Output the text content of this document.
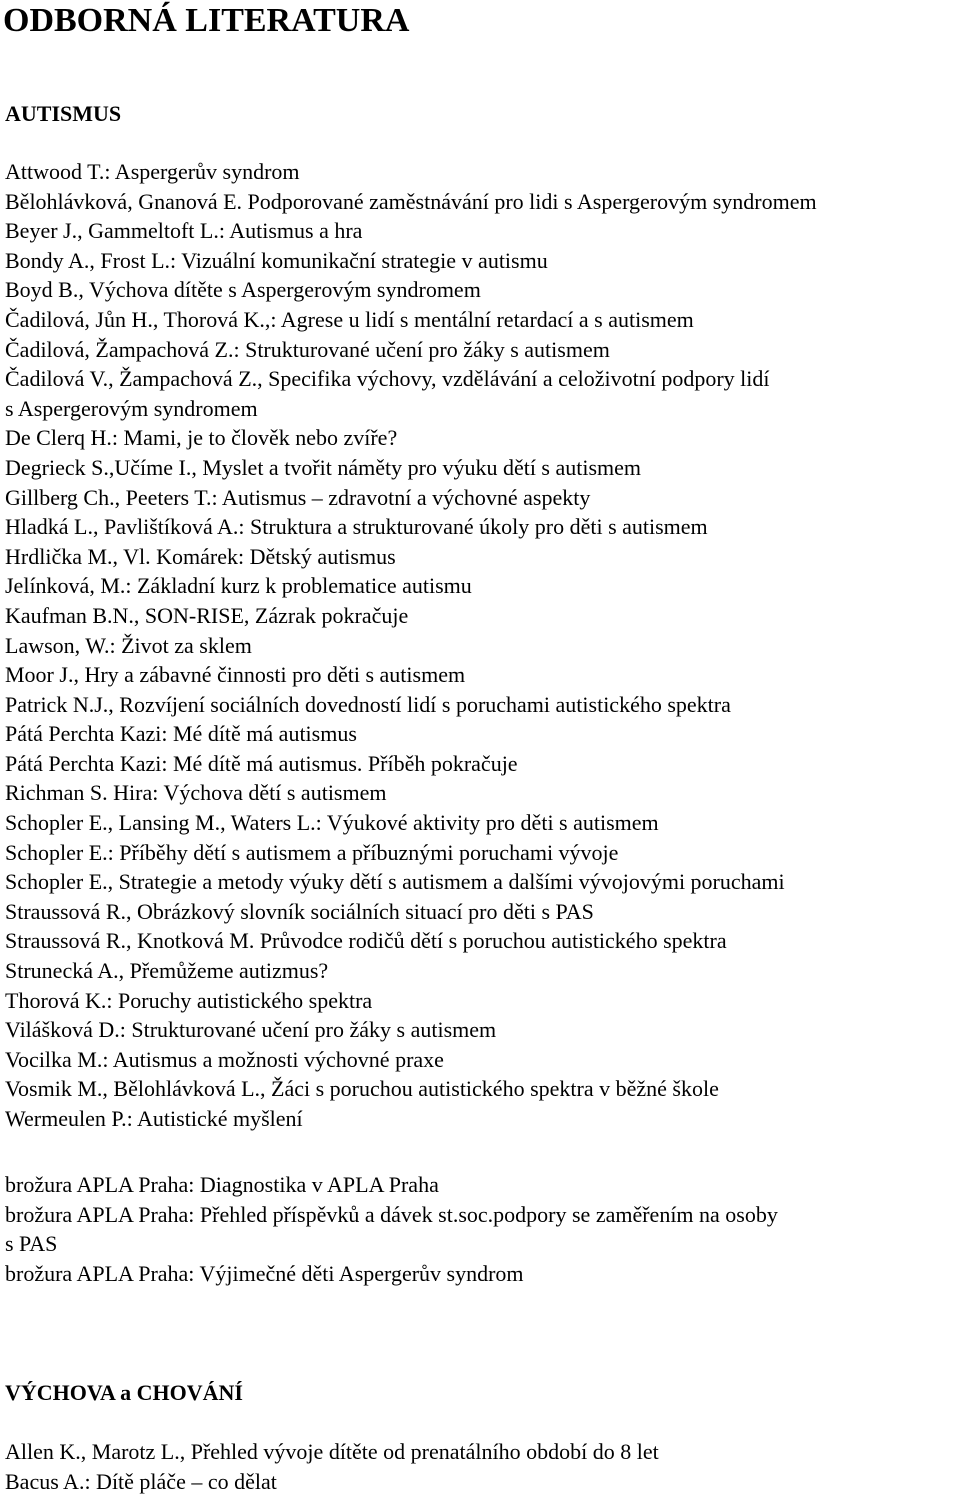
ODBORNÁ LITERATURA
AUTISMUS
Attwood T.: Aspergerův syndrom
Bělohlávková, Gnanová E. Podporované zaměstnávání pro lidi s Aspergerovým syndromem
Beyer J., Gammeltoft L.: Autismus a hra
Bondy A., Frost L.: Vizuální komunikační strategie v autismu
Boyd B., Výchova dítěte s Aspergerovým syndromem
Čadilová, Jůn H., Thorová K.,: Agrese u lidí s mentální retardací a s autismem
Čadilová, Žampachová Z.: Strukturované učení pro žáky s autismem
Čadilová V., Žampachová Z., Specifika výchovy, vzdělávání a celoživotní podpory lidí
s Aspergerovým syndromem
De Clerq H.: Mami, je to člověk nebo zvíře?
Degrieck S.,Učíme I., Myslet a tvořit náměty pro výuku dětí s autismem
Gillberg Ch., Peeters T.: Autismus – zdravotní a výchovné aspekty
Hladká L., Pavlištíková A.: Struktura a strukturované úkoly pro děti s autismem
Hrdlička M., Vl. Komárek: Dětský autismus
Jelínková, M.: Základní kurz k problematice autismu
Kaufman B.N., SON-RISE, Zázrak pokračuje
Lawson, W.: Život za sklem
Moor J., Hry a zábavné činnosti pro děti s autismem
Patrick N.J., Rozvíjení sociálních dovedností lidí s poruchami autistického spektra
Pátá Perchta Kazi: Mé dítě má autismus
Pátá Perchta Kazi: Mé dítě má autismus. Příběh pokračuje
Richman S. Hira: Výchova dětí s autismem
Schopler E., Lansing M., Waters L.: Výukové aktivity pro děti s autismem
Schopler E.: Příběhy dětí s autismem a příbuznými poruchami vývoje
Schopler E., Strategie a metody výuky dětí s autismem a dalšími vývojovými poruchami
Straussová R., Obrázkový slovník sociálních situací pro děti s PAS
Straussová R., Knotková M. Průvodce rodičů dětí s poruchou autistického spektra
Strunecká A., Přemůžeme autizmus?
Thorová K.: Poruchy autistického spektra
Vilášková D.: Strukturované učení pro žáky s autismem
Vocilka M.: Autismus a možnosti výchovné praxe
Vosmik M., Bělohlávková L., Žáci s poruchou autistického spektra v běžné škole
Wermeulen P.: Autistické myšlení
brožura APLA Praha: Diagnostika v APLA Praha
brožura APLA Praha: Přehled příspěvků a dávek st.soc.podpory se zaměřením na osoby
s PAS
brožura APLA Praha: Výjimečné děti Aspergerův syndrom
VÝCHOVA a CHOVÁNÍ
Allen K., Marotz L., Přehled vývoje dítěte od prenatálního období do 8 let
Bacus A.: Dítě pláče – co dělat
